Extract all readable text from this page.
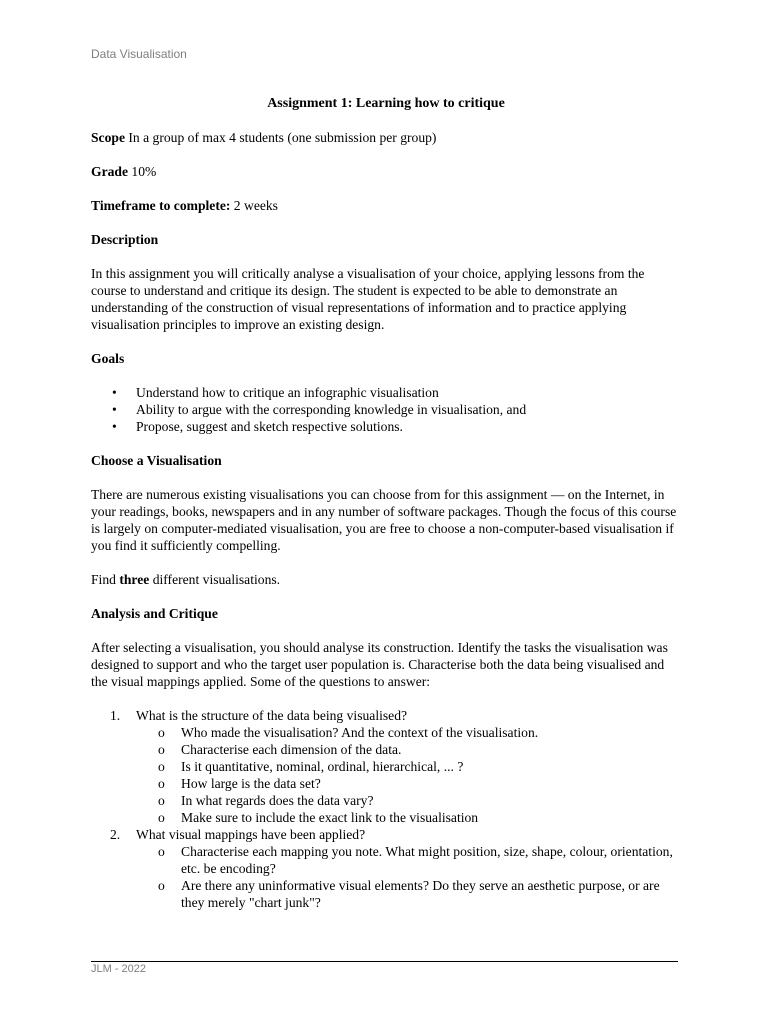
Data Visualisation
Assignment 1: Learning how to critique

Scope In a group of max 4 students (one submission per group)

Grade 10%

Timeframe to complete: 2 weeks

Description

In this assignment you will critically analyse a visualisation of your choice, applying lessons from the course to understand and critique its design. The student is expected to be able to demonstrate an understanding of the construction of visual representations of information and to practice applying visualisation principles to improve an existing design.

Goals

• Understand how to critique an infographic visualisation
• Ability to argue with the corresponding knowledge in visualisation, and
• Propose, suggest and sketch respective solutions.

Choose a Visualisation

There are numerous existing visualisations you can choose from for this assignment — on the Internet, in your readings, books, newspapers and in any number of software packages. Though the focus of this course is largely on computer-mediated visualisation, you are free to choose a non-computer-based visualisation if you find it sufficiently compelling.

Find three different visualisations.

Analysis and Critique

After selecting a visualisation, you should analyse its construction. Identify the tasks the visualisation was designed to support and who the target user population is. Characterise both the data being visualised and the visual mappings applied. Some of the questions to answer:

1. What is the structure of the data being visualised?
o Who made the visualisation? And the context of the visualisation.
o Characterise each dimension of the data.
o Is it quantitative, nominal, ordinal, hierarchical, ... ?
o How large is the data set?
o In what regards does the data vary?
o Make sure to include the exact link to the visualisation
2. What visual mappings have been applied?
o Characterise each mapping you note. What might position, size, shape, colour, orientation, etc. be encoding?
o Are there any uninformative visual elements? Do they serve an aesthetic purpose, or are they merely "chart junk"?
JLM - 2022
